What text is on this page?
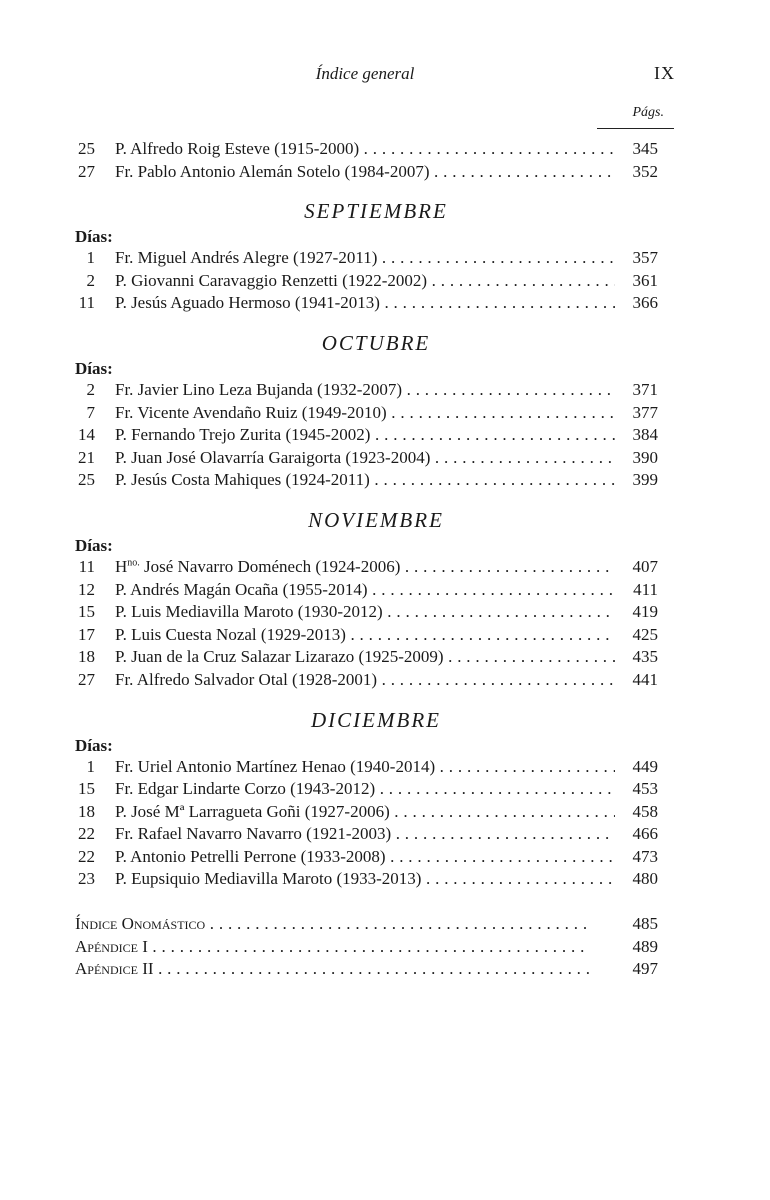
Índice general	IX
Págs.
25 P. Alfredo Roig Esteve (1915-2000) . . .	345
27 Fr. Pablo Antonio Alemán Sotelo (1984-2007) . . .	352
SEPTIEMBRE
Días:
1 Fr. Miguel Andrés Alegre (1927-2011) . . .	357
2 P. Giovanni Caravaggio Renzetti (1922-2002) . . .	361
11 P. Jesús Aguado Hermoso (1941-2013) . . .	366
OCTUBRE
Días:
2 Fr. Javier Lino Leza Bujanda (1932-2007) . . .	371
7 Fr. Vicente Avendaño Ruiz (1949-2010) . . .	377
14 P. Fernando Trejo Zurita (1945-2002) . . .	384
21 P. Juan José Olavarría Garaigorta (1923-2004) . . .	390
25 P. Jesús Costa Mahiques (1924-2011) . . .	399
NOVIEMBRE
Días:
11 $H^{no.}$ José Navarro Doménech (1924-2006) . . .	407
12 P. Andrés Magán Ocaña (1955-2014) . . .	411
15 P. Luis Mediavilla Maroto (1930-2012) . . .	419
17 P. Luis Cuesta Nozal (1929-2013) . . .	425
18 P. Juan de la Cruz Salazar Lizarazo (1925-2009) . . .	435
27 Fr. Alfredo Salvador Otal (1928-2001) . . .	441
DICIEMBRE
Días:
1 Fr. Uriel Antonio Martínez Henao (1940-2014) . . .	449
15 Fr. Edgar Lindarte Corzo (1943-2012) . . .	453
18 P. José Mª Larragueta Goñi (1927-2006) . . .	458
22 Fr. Rafael Navarro Navarro (1921-2003) . . .	466
22 P. Antonio Petrelli Perrone (1933-2008) . . .	473
23 P. Eupsiquio Mediavilla Maroto (1933-2013) . . .	480
Índice Onomástico . . .	485
Apéndice I . . .	489
Apéndice II . . .	497
